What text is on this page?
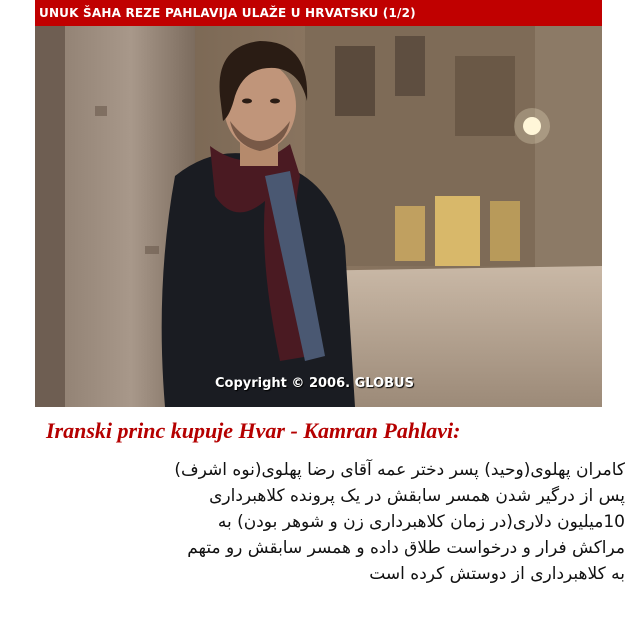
UNUK ŠAHA REZE PAHLAVIJA ULAŽE U HRVATSKU (1/2)
Copyright © 2006. GLOBUS
Iranski princ kupuje Hvar - Kamran Pahlavi:
کامران پهلوی(وحید) پسر دختر عمه آقای رضا پهلوی(نوه اشرف)
پس از درگیر شدن همسر سابقش در یک پرونده کلاهبرداری
10میلیون دلاری(در زمان کلاهبرداری زن و شوهر بودن) به
مراکش فرار و درخواست طلاق داده و همسر سابقش رو متهم
به کلاهبرداری از دوستش کرده است
